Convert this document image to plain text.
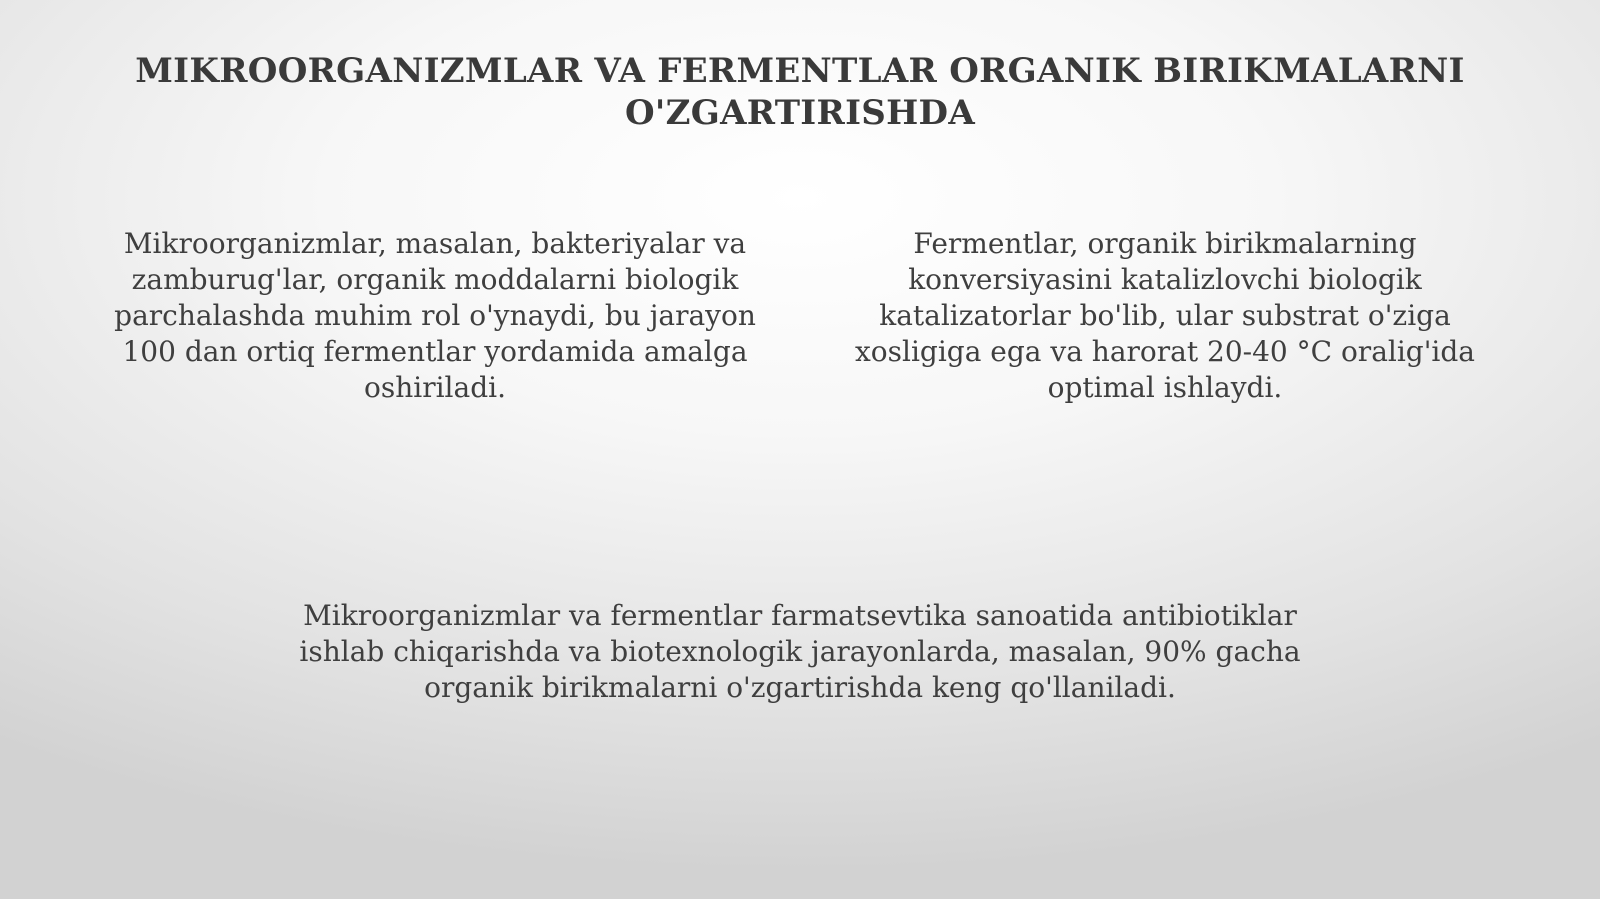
MIKROORGANIZMLAR VA FERMENTLAR ORGANIK BIRIKMALARNI O'ZGARTIRISHDA

Mikroorganizmlar, masalan, bakteriyalar va zamburug'lar, organik moddalarni biologik parchalashda muhim rol o'ynaydi, bu jarayon 100 dan ortiq fermentlar yordamida amalga oshiriladi.

Fermentlar, organik birikmalarning konversiyasini katalizlovchi biologik katalizatorlar bo'lib, ular substrat o'ziga xosligiga ega va harorat 20-40 °C oralig'ida optimal ishlaydi.

Mikroorganizmlar va fermentlar farmatsevtika sanoatida antibiotiklar ishlab chiqarishda va biotexnologik jarayonlarda, masalan, 90% gacha organik birikmalarni o'zgartirishda keng qo'llaniladi.
